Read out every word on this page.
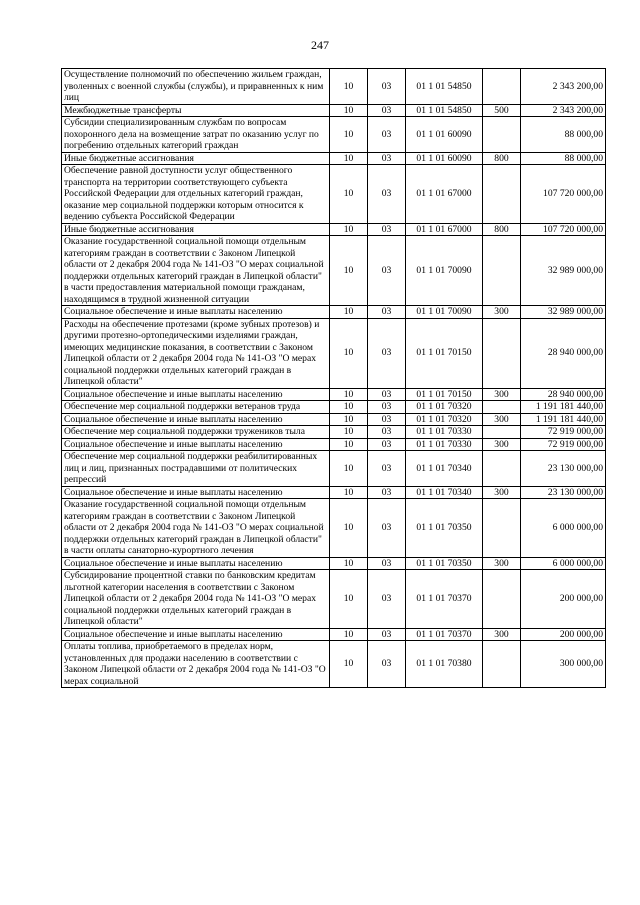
247
Осуществление полномочий по обеспечению жильем граждан, уволенных с военной службы (службы), и приравненных к ним лиц	10	03	01 1 01 54850		2 343 200,00
Межбюджетные трансферты	10	03	01 1 01 54850	500	2 343 200,00
Субсидии специализированным службам по вопросам похоронного дела на возмещение затрат по оказанию услуг по погребению отдельных категорий граждан	10	03	01 1 01 60090		88 000,00
Иные бюджетные ассигнования	10	03	01 1 01 60090	800	88 000,00
Обеспечение равной доступности услуг общественного транспорта на территории соответствующего субъекта Российской Федерации для отдельных категорий граждан, оказание мер социальной поддержки которым относится к ведению субъекта Российской Федерации	10	03	01 1 01 67000		107 720 000,00
Иные бюджетные ассигнования	10	03	01 1 01 67000	800	107 720 000,00
Оказание государственной социальной помощи отдельным категориям граждан в соответствии с Законом Липецкой области от 2 декабря 2004 года № 141-ОЗ "О мерах социальной поддержки отдельных категорий граждан в Липецкой области" в части предоставления материальной помощи гражданам, находящимся в трудной жизненной ситуации	10	03	01 1 01 70090		32 989 000,00
Социальное обеспечение и иные выплаты населению	10	03	01 1 01 70090	300	32 989 000,00
Расходы на обеспечение протезами (кроме зубных протезов) и другими протезно-ортопедическими изделиями граждан, имеющих медицинские показания, в соответствии с Законом Липецкой области от 2 декабря 2004 года № 141-ОЗ "О мерах социальной поддержки отдельных категорий граждан в Липецкой области"	10	03	01 1 01 70150		28 940 000,00
Социальное обеспечение и иные выплаты населению	10	03	01 1 01 70150	300	28 940 000,00
Обеспечение мер социальной поддержки ветеранов труда	10	03	01 1 01 70320		1 191 181 440,00
Социальное обеспечение и иные выплаты населению	10	03	01 1 01 70320	300	1 191 181 440,00
Обеспечение мер социальной поддержки тружеников тыла	10	03	01 1 01 70330		72 919 000,00
Социальное обеспечение и иные выплаты населению	10	03	01 1 01 70330	300	72 919 000,00
Обеспечение мер социальной поддержки реабилитированных лиц и лиц, признанных пострадавшими от политических репрессий	10	03	01 1 01 70340		23 130 000,00
Социальное обеспечение и иные выплаты населению	10	03	01 1 01 70340	300	23 130 000,00
Оказание государственной социальной помощи отдельным категориям граждан в соответствии с Законом Липецкой области от 2 декабря 2004 года № 141-ОЗ "О мерах социальной поддержки отдельных категорий граждан в Липецкой области" в части оплаты санаторно-курортного лечения	10	03	01 1 01 70350		6 000 000,00
Социальное обеспечение и иные выплаты населению	10	03	01 1 01 70350	300	6 000 000,00
Субсидирование процентной ставки по банковским кредитам льготной категории населения в соответствии с Законом Липецкой области от 2 декабря 2004 года № 141-ОЗ "О мерах социальной поддержки отдельных категорий граждан в Липецкой области"	10	03	01 1 01 70370		200 000,00
Социальное обеспечение и иные выплаты населению	10	03	01 1 01 70370	300	200 000,00
Оплаты топлива, приобретаемого в пределах норм, установленных для продажи населению в соответствии с Законом Липецкой области от 2 декабря 2004 года № 141-ОЗ "О мерах социальной	10	03	01 1 01 70380		300 000,00
